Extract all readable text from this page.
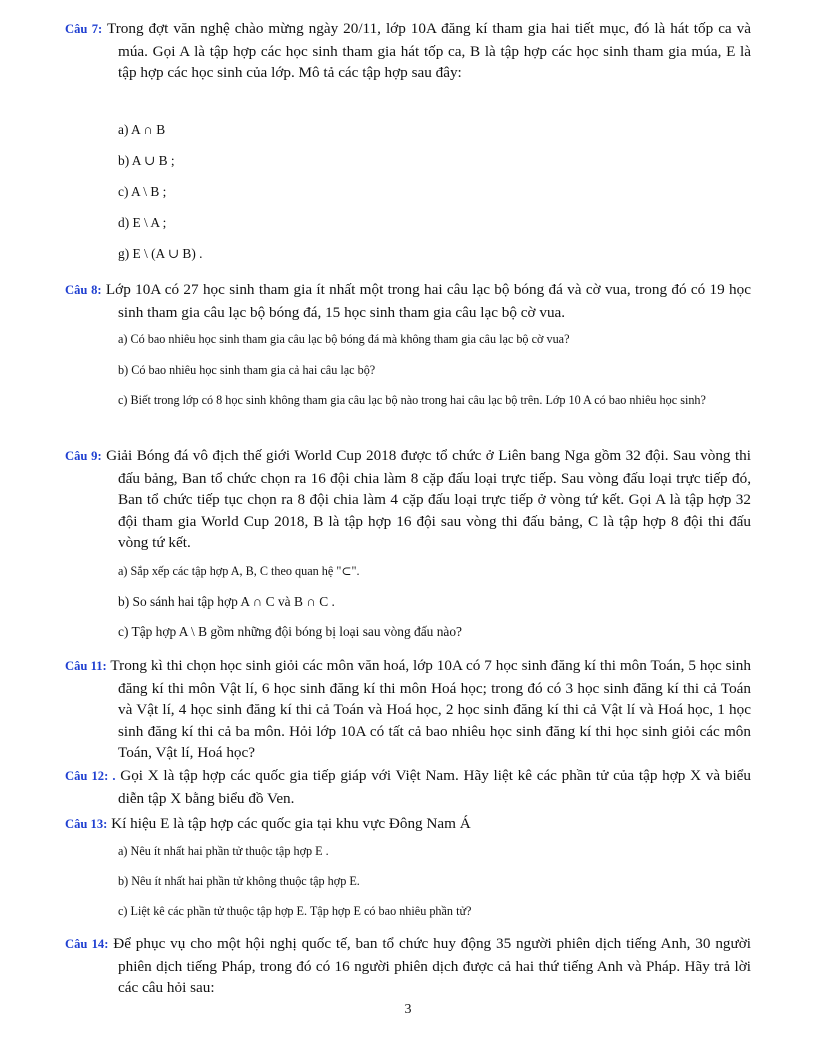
Câu 7: Trong đợt văn nghệ chào mừng ngày 20/11, lớp 10A đăng kí tham gia hai tiết mục, đó là hát tốp ca và múa. Gọi A là tập hợp các học sinh tham gia hát tốp ca, B là tập hợp các học sinh tham gia múa, E là tập hợp các học sinh của lớp. Mô tả các tập hợp sau đây:
a) A ∩ B
b) A ∪ B ;
c) A \ B ;
d) E \ A ;
g) E \ (A ∪ B) .
Câu 8: Lớp 10A có 27 học sinh tham gia ít nhất một trong hai câu lạc bộ bóng đá và cờ vua, trong đó có 19 học sinh tham gia câu lạc bộ bóng đá, 15 học sinh tham gia câu lạc bộ cờ vua.
a) Có bao nhiêu học sinh tham gia câu lạc bộ bóng đá mà không tham gia câu lạc bộ cờ vua?
b) Có bao nhiêu học sinh tham gia cả hai câu lạc bộ?
c) Biết trong lớp có 8 học sinh không tham gia câu lạc bộ nào trong hai câu lạc bộ trên. Lớp 10 A có bao nhiêu học sinh?
Câu 9: Giải Bóng đá vô địch thế giới World Cup 2018 được tổ chức ở Liên bang Nga gồm 32 đội. Sau vòng thi đấu bảng, Ban tổ chức chọn ra 16 đội chia làm 8 cặp đấu loại trực tiếp. Sau vòng đấu loại trực tiếp đó, Ban tổ chức tiếp tục chọn ra 8 đội chia làm 4 cặp đấu loại trực tiếp ở vòng tứ kết. Gọi A là tập hợp 32 đội tham gia World Cup 2018, B là tập hợp 16 đội sau vòng thi đấu bảng, C là tập hợp 8 đội thi đấu vòng tứ kết.
a) Sắp xếp các tập hợp A, B, C theo quan hệ "⊂".
b) So sánh hai tập hợp A ∩ C và B ∩ C .
c) Tập hợp A \ B gồm những đội bóng bị loại sau vòng đấu nào?
Câu 11: Trong kì thi chọn học sinh giỏi các môn văn hoá, lớp 10A có 7 học sinh đăng kí thi môn Toán, 5 học sinh đăng kí thi môn Vật lí, 6 học sinh đăng kí thi môn Hoá học; trong đó có 3 học sinh đăng kí thi cả Toán và Vật lí, 4 học sinh đăng kí thi cả Toán và Hoá học, 2 học sinh đăng kí thi cả Vật lí và Hoá học, 1 học sinh đăng kí thi cả ba môn. Hỏi lớp 10A có tất cả bao nhiêu học sinh đăng kí thi học sinh giỏi các môn Toán, Vật lí, Hoá học?
Câu 12: . Gọi X là tập hợp các quốc gia tiếp giáp với Việt Nam. Hãy liệt kê các phần tử của tập hợp X và biểu diễn tập X bằng biểu đồ Ven.
Câu 13: Kí hiệu E là tập hợp các quốc gia tại khu vực Đông Nam Á
a) Nêu ít nhất hai phần tử thuộc tập hợp E .
b) Nêu ít nhất hai phần tử không thuộc tập hợp E.
c) Liệt kê các phần tử thuộc tập hợp E. Tập hợp E có bao nhiêu phần tử?
Câu 14: Để phục vụ cho một hội nghị quốc tế, ban tổ chức huy động 35 người phiên dịch tiếng Anh, 30 người phiên dịch tiếng Pháp, trong đó có 16 người phiên dịch được cả hai thứ tiếng Anh và Pháp. Hãy trả lời các câu hỏi sau:
3
